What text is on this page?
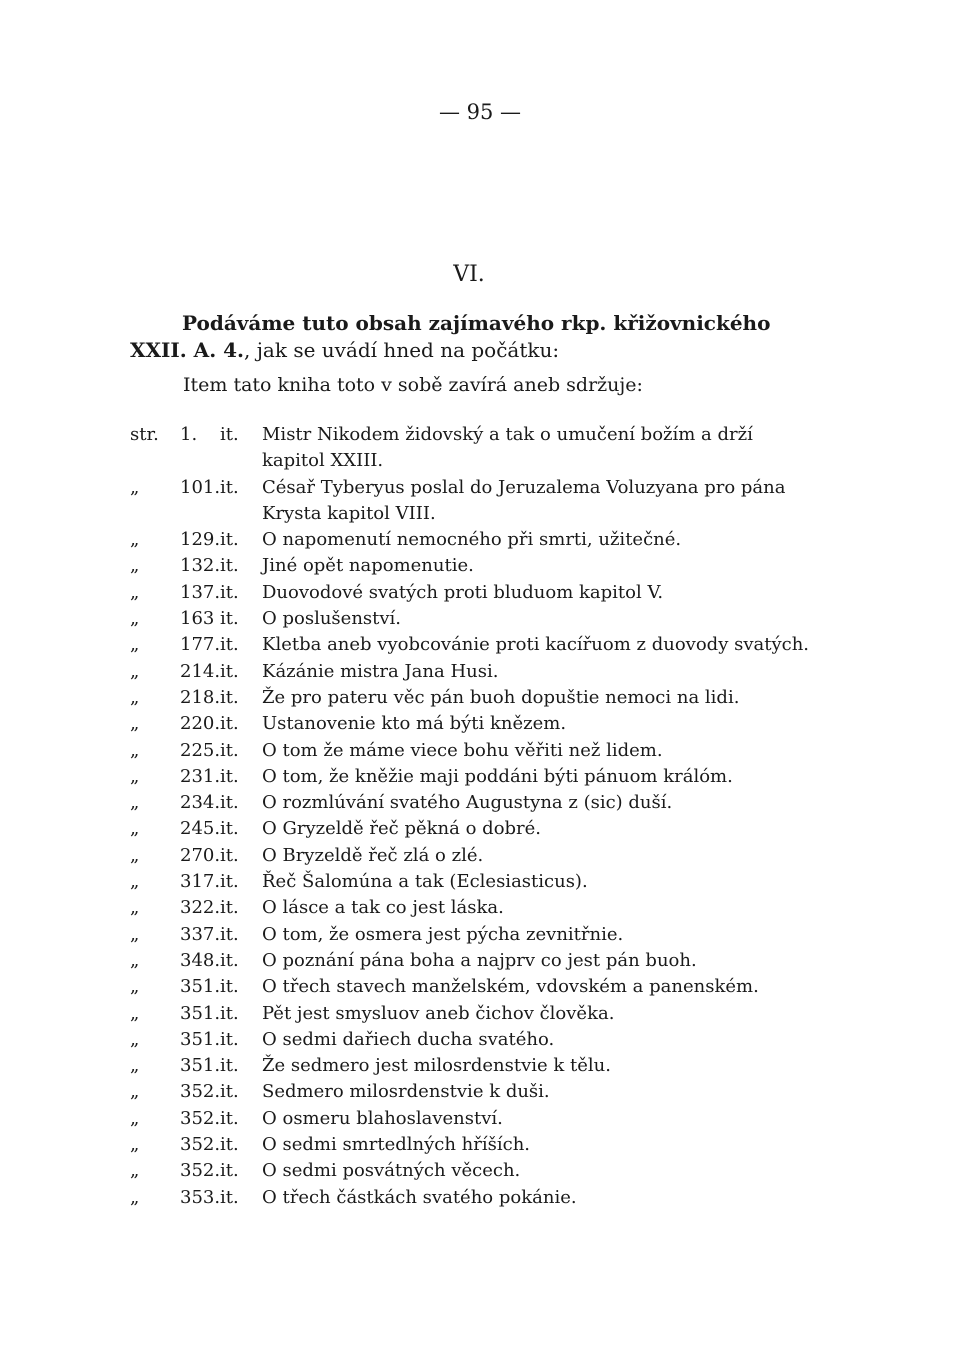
— 95 —
VI.
Podáváme tuto obsah zajímavého rkp. křižovnického
XXII. A. 4., jak se uvádí hned na počátku:
Item tato kniha toto v sobě zavírá aneb sdržuje:
str.	1.	it.	Mistr Nikodem židovský a tak o umučení božím a drží
kapitol XXIII.
„	101. it.	Césař Tyberyus poslal do Jeruzalema Voluzyana pro pána
Krysta kapitol VIII.
„	129. it.	O napomenutí nemocného při smrti, užitečné.
„	132. it.	Jiné opět napomenutie.
„	137. it.	Duovodové svatých proti bluduom kapitol V.
„	163 it.	O poslušenství.
„	177. it.	Kletba aneb vyobcovánie proti kacířuom z duovody svatých.
„	214. it.	Kázánie mistra Jana Husi.
„	218. it.	Že pro pateru věc pán buoh dopuštie nemoci na lidi.
„	220. it.	Ustanovenie kto má býti knězem.
„	225. it.	O tom že máme viece bohu věřiti než lidem.
„	231. it.	O tom, že kněžie maji poddáni býti pánuom králóm.
„	234. it.	O rozmlúvání svatého Augustyna z (sic) duší.
„	245. it.	O Gryzeldě řeč pěkná o dobré.
„	270. it.	O Bryzeldě řeč zlá o zlé.
„	317. it.	Řeč Šalomúna a tak (Eclesiasticus).
„	322. it.	O lásce a tak co jest láska.
„	337. it.	O tom, že osmera jest pýcha zevnitřnie.
„	348. it.	O poznání pána boha a najprv co jest pán buoh.
„	351. it.	O třech stavech manželském, vdovském a panenském.
„	351. it.	Pět jest smysluov aneb čichov člověka.
„	351. it.	O sedmi dařiech ducha svatého.
„	351. it.	Že sedmero jest milosrdenstvie k tělu.
„	352. it.	Sedmero milosrdenstvie k duši.
„	352. it.	O osmeru blahoslavenství.
„	352. it.	O sedmi smrtedlných hříších.
„	352. it.	O sedmi posvátných věcech.
„	353. it.	O třech částkách svatého pokánie.
